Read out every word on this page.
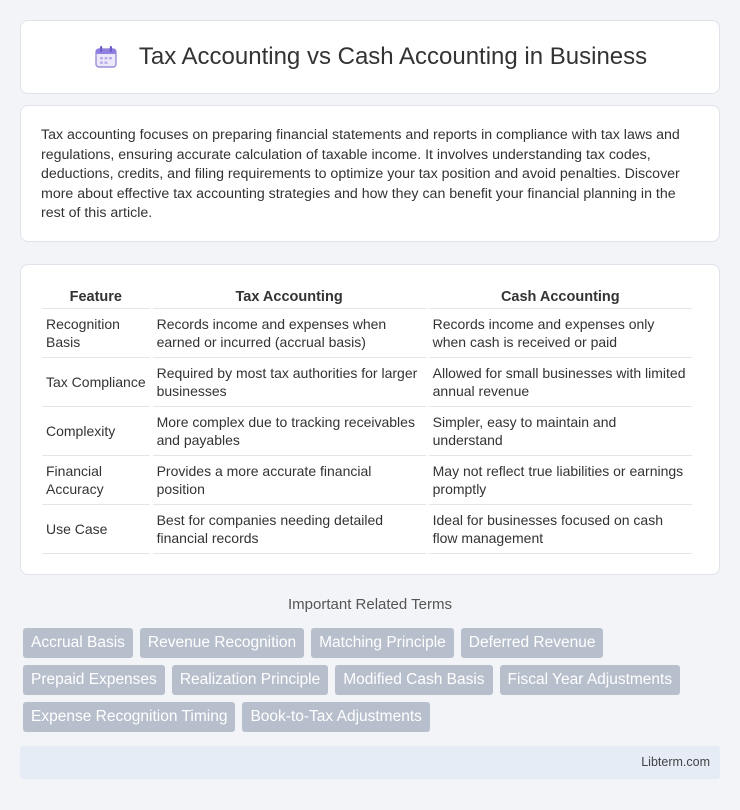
Tax Accounting vs Cash Accounting in Business

Tax accounting focuses on preparing financial statements and reports in compliance with tax laws and regulations, ensuring accurate calculation of taxable income. It involves understanding tax codes, deductions, credits, and filing requirements to optimize your tax position and avoid penalties. Discover more about effective tax accounting strategies and how they can benefit your financial planning in the rest of this article.

Feature	Tax Accounting	Cash Accounting
Recognition Basis	Records income and expenses when earned or incurred (accrual basis)	Records income and expenses only when cash is received or paid
Tax Compliance	Required by most tax authorities for larger businesses	Allowed for small businesses with limited annual revenue
Complexity	More complex due to tracking receivables and payables	Simpler, easy to maintain and understand
Financial Accuracy	Provides a more accurate financial position	May not reflect true liabilities or earnings promptly
Use Case	Best for companies needing detailed financial records	Ideal for businesses focused on cash flow management
Important Related Terms
Accrual Basis	Revenue Recognition	Matching Principle	Deferred Revenue
Prepaid Expenses	Realization Principle	Modified Cash Basis	Fiscal Year Adjustments
Expense Recognition Timing	Book-to-Tax Adjustments
Libterm.com
